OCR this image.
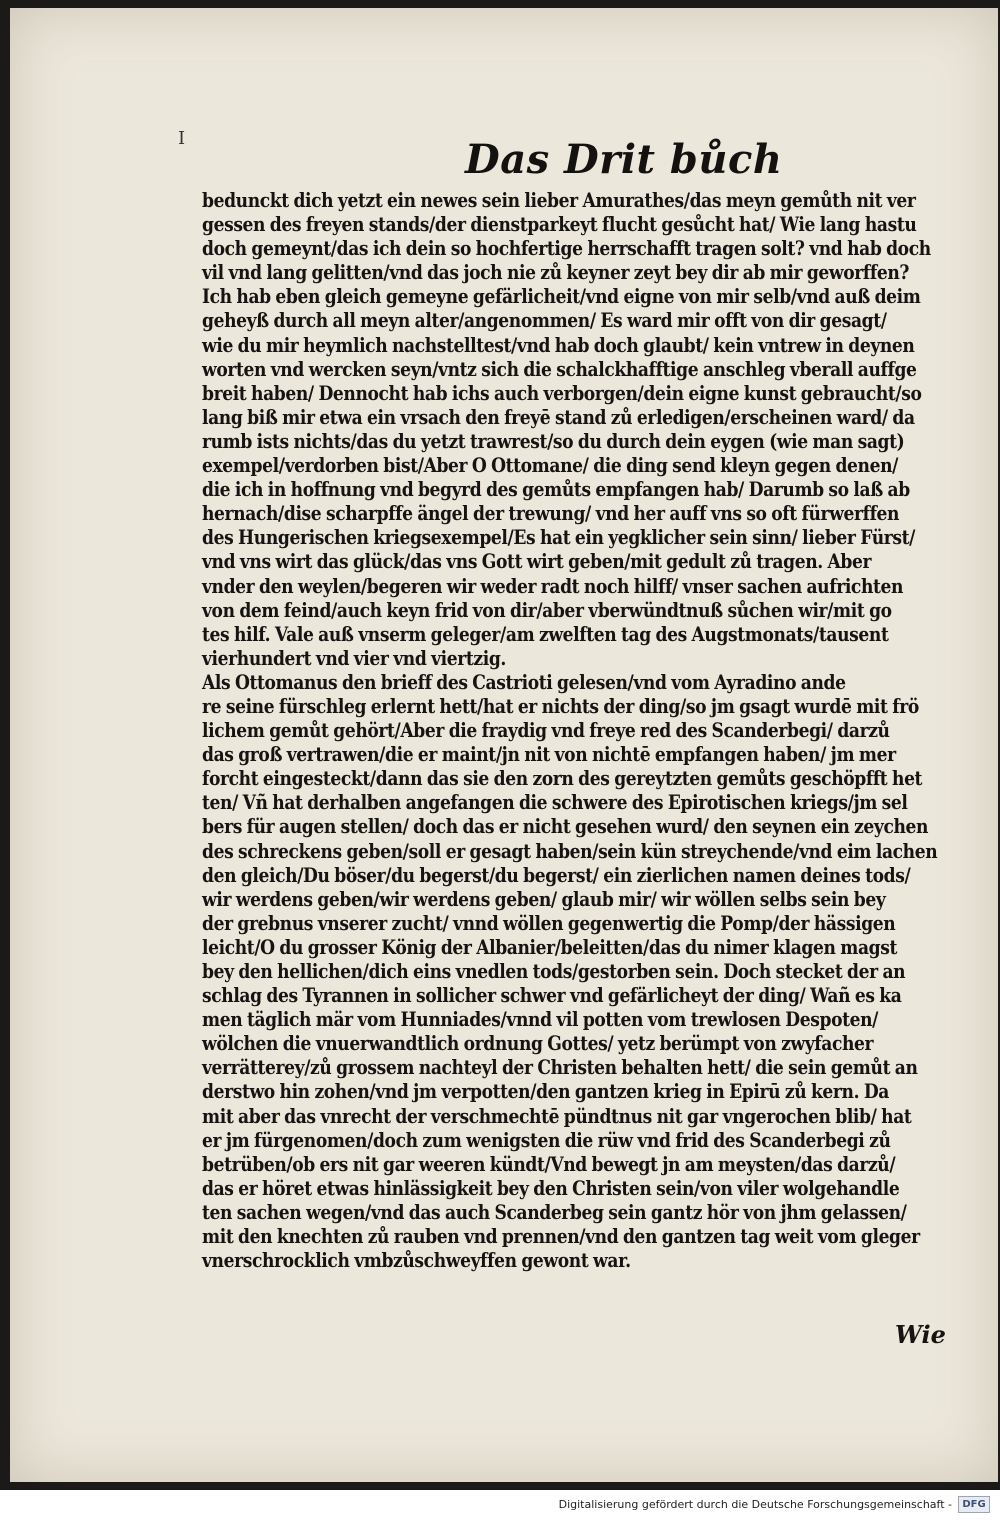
I	Das Drit bůch
bedunckt dich yetzt ein newes sein lieber Amurathes/das meyn gemůth nit ver
gessen des freyen stands/der dienstparkeyt flucht gesůcht hat/ Wie lang hastu
doch gemeynt/das ich dein so hochfertige herrschafft tragen solt? vnd hab doch
vil vnd lang gelitten/vnd das joch nie zů keyner zeyt bey dir ab mir geworffen?
Ich hab eben gleich gemeyne gefärlicheit/vnd eigne von mir selb/vnd auß deim
geheyß durch all meyn alter/angenommen/ Es ward mir offt von dir gesagt/
wie du mir heymlich nachstelltest/vnd hab doch glaubt/ kein vntrew in deynen
worten vnd wercken seyn/vntz sich die schalckhafftige anschleg vberall auffge
breit haben/ Dennocht hab ichs auch verborgen/dein eigne kunst gebraucht/so
lang biß mir etwa ein vrsach den freyē stand zů erledigen/erscheinen ward/ da
rumb ists nichts/das du yetzt trawrest/so du durch dein eygen (wie man sagt)
exempel/verdorben bist/Aber O Ottomane/ die ding send kleyn gegen denen/
die ich in hoffnung vnd begyrd des gemůts empfangen hab/ Darumb so laß ab
hernach/dise scharpffe ängel der trewung/ vnd her auff vns so oft fürwerffen
des Hungerischen kriegsexempel/Es hat ein yegklicher sein sinn/ lieber Fürst/
vnd vns wirt das glück/das vns Gott wirt geben/mit gedult zů tragen. Aber
vnder den weylen/begeren wir weder radt noch hilff/ vnser sachen aufrichten
von dem feind/auch keyn frid von dir/aber vberwündtnuß sůchen wir/mit go
tes hilf. Vale auß vnserm geleger/am zwelften tag des Augstmonats/tausent
vierhundert vnd vier vnd viertzig.
Als Ottomanus den brieff des Castrioti gelesen/vnd vom Ayradino ande
re seine fürschleg erlernt hett/hat er nichts der ding/so jm gsagt wurdē mit frö
lichem gemůt gehört/Aber die fraydig vnd freye red des Scanderbegi/ darzů
das groß vertrawen/die er maint/jn nit von nichtē empfangen haben/ jm mer
forcht eingesteckt/dann das sie den zorn des gereytzten gemůts geschöpfft het
ten/ Vñ hat derhalben angefangen die schwere des Epirotischen kriegs/jm sel
bers für augen stellen/ doch das er nicht gesehen wurd/ den seynen ein zeychen
des schreckens geben/soll er gesagt haben/sein kün streychende/vnd eim lachen
den gleich/Du böser/du begerst/du begerst/ ein zierlichen namen deines tods/
wir werdens geben/wir werdens geben/ glaub mir/ wir wöllen selbs sein bey
der grebnus vnserer zucht/ vnnd wöllen gegenwertig die Pomp/der hässigen
leicht/O du grosser König der Albanier/beleitten/das du nimer klagen magst
bey den hellichen/dich eins vnedlen tods/gestorben sein. Doch stecket der an
schlag des Tyrannen in sollicher schwer vnd gefärlicheyt der ding/ Wañ es ka
men täglich mär vom Hunniades/vnnd vil potten vom trewlosen Despoten/
wölchen die vnuerwandtlich ordnung Gottes/ yetz berümpt von zwyfacher
verrätterey/zů grossem nachteyl der Christen behalten hett/ die sein gemůt an
derstwo hin zohen/vnd jm verpotten/den gantzen krieg in Epirū zů kern. Da
mit aber das vnrecht der verschmechtē pündtnus nit gar vngerochen blib/ hat
er jm fürgenomen/doch zum wenigsten die rüw vnd frid des Scanderbegi zů
betrüben/ob ers nit gar weeren kündt/Vnd bewegt jn am meysten/das darzů/
das er höret etwas hinlässigkeit bey den Christen sein/von viler wolgehandle
ten sachen wegen/vnd das auch Scanderbeg sein gantz hör von jhm gelassen/
mit den knechten zů rauben vnd prennen/vnd den gantzen tag weit vom gleger
vnerschrocklich vmbzůschweyffen gewont war.
Wie
Digitalisierung gefördert durch die Deutsche Forschungsgemeinschaft -	DFG
